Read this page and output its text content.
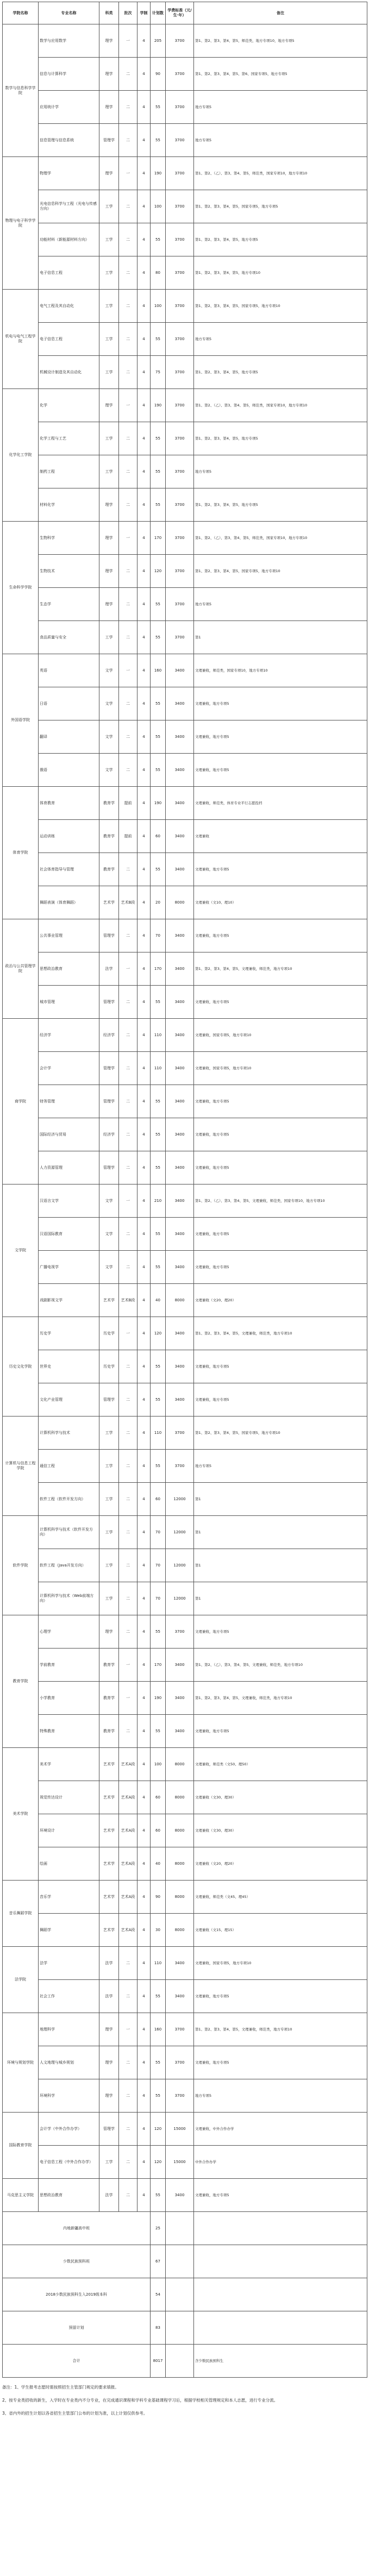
学院名称	专业名称	科类	批次	学制	计划数	学费标准（元/生·年）	备注
数学与信息科学学院	数学与应用数学	理学	一	4	205	3700	第1、第2、第3、第4、第5，师范类，地方专项10，地方专项5
	信息与计算科学	理学	二	4	90	3700	第1、第2、第3、第4、第5、第6、国家专项5，地方专项5
	应用统计学	理学	二	4	55	3700	地方专项5
	信息管理与信息系统	管理学	二	4	55	3700	地方专项5
物理与电子科学学院	物理学	理学	一	4	190	3700	第1、第2、（乙）、第3、第4、第5，师范类，国家专项10，地方专项10
	光电信息科学与工程（光电与传感方向）	工学	二	4	100	3700	第1、第2、第3、第4、第5，国家专项5，地方专项5
	功能材料（新能源材料方向）	工学	二	4	55	3700	第1、第2、第3、第4、第5，地方专项5
	电子信息工程	工学	二	4	80	3700	第1、第2、第3、第4、第5，地方专项10
机电与电气工程学院	电气工程及其自动化	工学	二	4	100	3700	第1、第2、第3、第4、第5，国家专项5，地方专项10
	电子信息工程	工学	二	4	55	3700	地方专项5
	机械设计制造及其自动化	工学	二	4	75	3700	第1、第2、第3、第4、第5，地方专项5
化学化工学院	化学	理学	一	4	190	3700	第1、第2、（乙）、第3、第4、第5，师范类，国家专项10，地方专项10
	化学工程与工艺	工学	二	4	55	3700	第1、第2、第3、第4、第5，地方专项5
	制药工程	工学	二	4	55	3700	地方专项5
	材料化学	理学	二	4	55	3700	第1、第2、第3、第4、第5，地方专项5
生命科学学院	生物科学	理学	一	4	170	3700	第1、第2、（乙）、第3、第4、第5，师范类，国家专项10，地方专项10
	生物技术	理学	二	4	120	3700	第1、第2、第3、第4、第5，国家专项5，地方专项10
	生态学	理学	二	4	55	3700	地方专项5
	食品质量与安全	工学	二	4	55	3700	第1
外国语学院	英语	文学	一	4	160	3400	文理兼收，师范类，国家专项10，地方专项10
	日语	文学	二	4	55	3400	文理兼收，地方专项5
	翻译	文学	二	4	55	3400	文理兼收，地方专项5
	俄语	文学	二	4	55	3400	文理兼收，地方专项5
体育学院	体育教育	教育学	提前	4	190	3400	文理兼收，师范类，体育专业平行志愿投档
	运动训练	教育学	提前	4	60	3400	文理兼收
	社会体育指导与管理	教育学	二	4	55	3400	文理兼收，地方专项5
	舞蹈表演（体育舞蹈）	艺术学	艺术B段	4	20	8000	文理兼收（文10、理10）
政治与公共管理学院	公共事业管理	管理学	二	4	70	3400	文理兼收，地方专项5
	思想政治教育	法学	一	4	170	3400	第1、第2、第3、第4、第5，文理兼收，师范类，地方专项10
	城市管理	管理学	二	4	55	3400	文理兼收，地方专项5
商学院	经济学	经济学	二	4	110	3400	文理兼收，国家专项5，地方专项10
	会计学	管理学	二	4	110	3400	文理兼收，国家专项5，地方专项10
	财务管理	管理学	二	4	55	3400	文理兼收，地方专项5
	国际经济与贸易	经济学	二	4	55	3400	文理兼收，地方专项5
	人力资源管理	管理学	二	4	55	3400	文理兼收，地方专项5
文学院	汉语言文学	文学	一	4	210	3400	第1、第2、（乙）、第3、第4、第5，文理兼收，师范类，国家专项10，地方专项10
	汉语国际教育	文学	二	4	55	3400	文理兼收，地方专项5
	广播电视学	文学	二	4	55	3400	文理兼收，地方专项5
	戏剧影视文学	艺术学	艺术B段	4	40	8000	文理兼收（文20、理20）
历史文化学院	历史学	历史学	一	4	120	3400	第1、第2、第3、第4、第5，文理兼收，师范类，地方专项10
	世界史	历史学	二	4	55	3400	文理兼收，地方专项5
	文化产业管理	管理学	二	4	55	3400	文理兼收，地方专项5
计算机与信息工程学院	计算机科学与技术	工学	二	4	110	3700	第1、第2、第3、第4、第5，国家专项5，地方专项10
	通信工程	工学	二	4	55	3700	地方专项5
	软件工程（软件开发方向）	工学	二	4	60	12000	第1
软件学院	计算机科学与技术（软件开发方向）	工学	二	4	70	12000	第1
	软件工程（Java开发方向）	工学	二	4	70	12000	第1
	计算机科学与技术（Web前端方向）	工学	二	4	70	12000	第1
教育学院	心理学	理学	二	4	55	3700	文理兼收，地方专项5
	学前教育	教育学	一	4	170	3400	第1、第2、（乙）、第3、第4、第5，文理兼收，师范类，地方专项10
	小学教育	教育学	一	4	190	3400	第1、第2、第3、第4、第5，文理兼收，师范类，地方专项10
	特殊教育	教育学	二	4	55	3400	文理兼收，地方专项5
美术学院	美术学	艺术学	艺术A段	4	100	8000	文理兼收，师范类（文50、理50）
	视觉传达设计	艺术学	艺术A段	4	60	8000	文理兼收（文30、理30）
	环境设计	艺术学	艺术A段	4	60	8000	文理兼收（文30、理30）
	绘画	艺术学	艺术A段	4	40	8000	文理兼收（文20、理20）
音乐舞蹈学院	音乐学	艺术学	艺术A段	4	90	8000	文理兼收，师范类（文45、理45）
	舞蹈学	艺术学	艺术A段	4	30	8000	文理兼收（文15、理15）
法学院	法学	法学	二	4	110	3400	文理兼收，国家专项5，地方专项10
	社会工作	法学	二	4	55	3400	文理兼收，地方专项5
环境与规划学院	地理科学	理学	一	4	160	3700	第1、第2、第3、第4、第5，文理兼收，师范类，地方专项10
	人文地理与城乡规划	理学	二	4	55	3700	文理兼收，地方专项5
	环境科学	理学	二	4	55	3700	地方专项5
国际教育学院	会计学（中外合作办学）	管理学	二	4	120	15000	文理兼收，中外合作办学
	电子信息工程（中外合作办学）	工学	二	4	120	15000	中外合作办学
马克思主义学院	思想政治教育	法学	二	4	55	3400	文理兼收，地方专项5
内地新疆高中班					25		
少数民族预科班					67		
2018少数民族预科生入2019级本科					54		
预留计划					83		
合计					8017		含少数民族预科生

备注：1、学生报考志愿时需按照招生主管部门规定的要求填报。

2、按专业类招收的新生，入学时在专业类内不分专业，在完成通识课程和学科专业基础课程学习后，根据学校相关管理规定和本人志愿，进行专业分流。

3、省内外的招生计划以各省招生主管部门公布的计划为准，以上计划仅供参考。
